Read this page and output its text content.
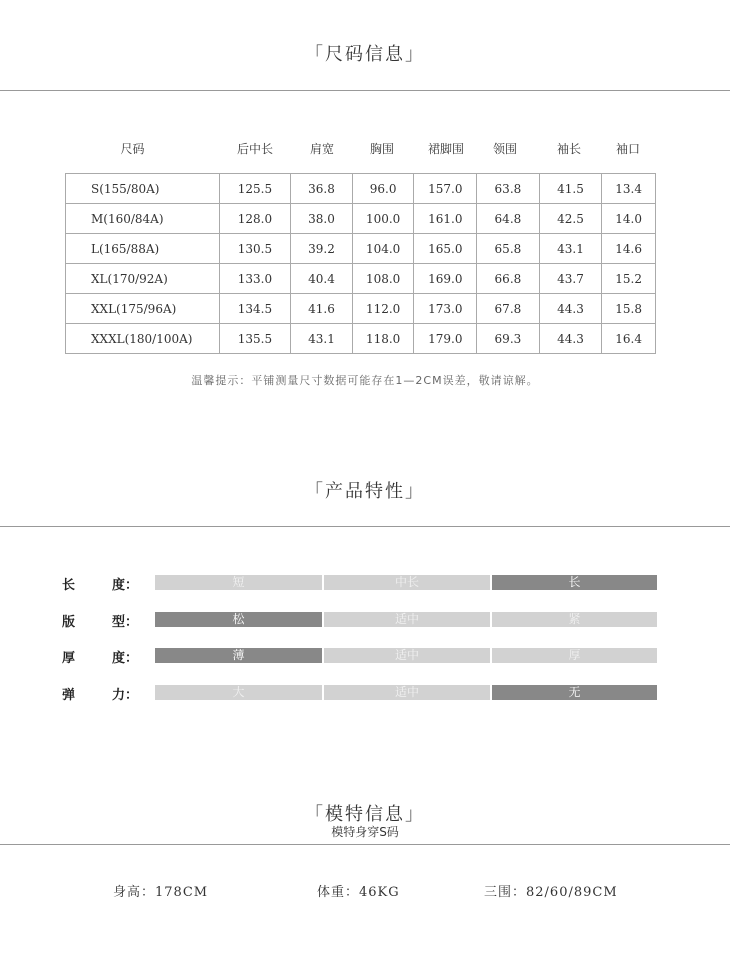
「尺码信息」
尺码	后中长	肩宽	胸围	裙脚围	领围	袖长	袖口
S(155/80A)	125.5	36.8	96.0	157.0	63.8	41.5	13.4
M(160/84A)	128.0	38.0	100.0	161.0	64.8	42.5	14.0
L(165/88A)	130.5	39.2	104.0	165.0	65.8	43.1	14.6
XL(170/92A)	133.0	40.4	108.0	169.0	66.8	43.7	15.2
XXL(175/96A)	134.5	41.6	112.0	173.0	67.8	44.3	15.8
XXXL(180/100A)	135.5	43.1	118.0	179.0	69.3	44.3	16.4
温馨提示：平铺测量尺寸数据可能存在1—2CM误差，敬请谅解。
「产品特性」
长	度：	短	中长	长
版	型：	松	适中	紧
厚	度：	薄	适中	厚
弹	力：	大	适中	无
「模特信息」
模特身穿S码
身高：178CM	体重：46KG	三围：82/60/89CM
